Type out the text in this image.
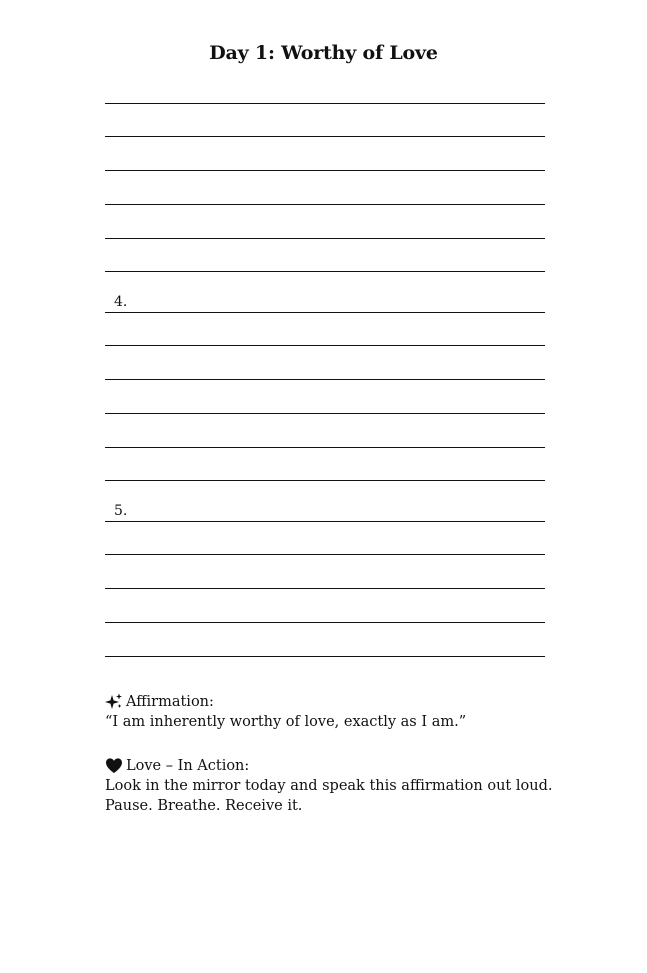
Day 1: Worthy of Love
4.
5.
Affirmation:
“I am inherently worthy of love, exactly as I am.”
Love – In Action:
Look in the mirror today and speak this affirmation out loud.
Pause. Breathe. Receive it.
